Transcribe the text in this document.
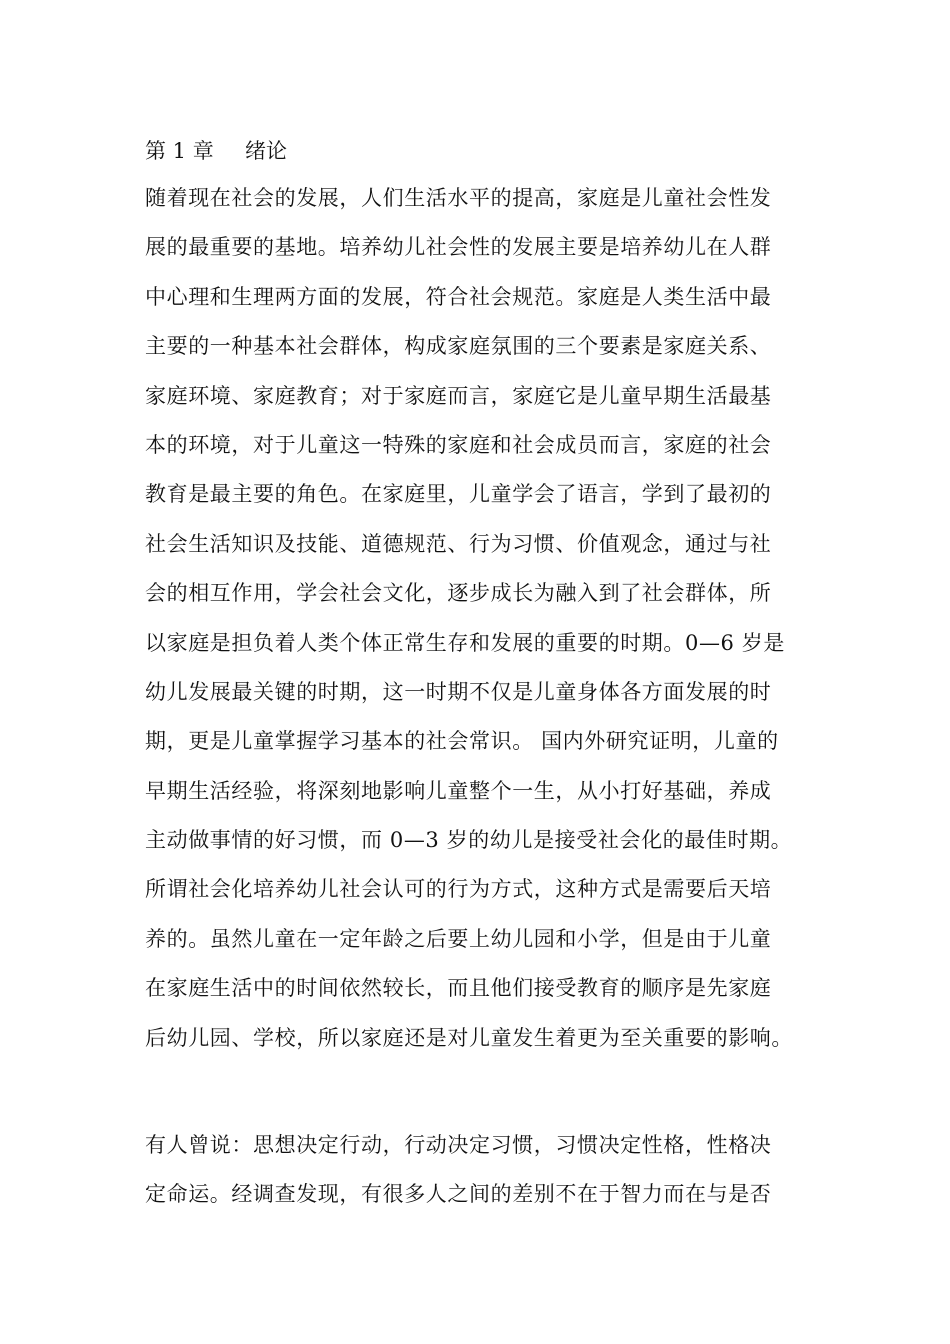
第 1 章 绪论
随着现在社会的发展，人们生活水平的提高，家庭是儿童社会性发
展的最重要的基地。培养幼儿社会性的发展主要是培养幼儿在人群
中心理和生理两方面的发展，符合社会规范。家庭是人类生活中最
主要的一种基本社会群体，构成家庭氛围的三个要素是家庭关系、
家庭环境、家庭教育；对于家庭而言，家庭它是儿童早期生活最基
本的环境，对于儿童这一特殊的家庭和社会成员而言，家庭的社会
教育是最主要的角色。在家庭里，儿童学会了语言，学到了最初的
社会生活知识及技能、道德规范、行为习惯、价值观念，通过与社
会的相互作用，学会社会文化，逐步成长为融入到了社会群体，所
以家庭是担负着人类个体正常生存和发展的重要的时期。0—6 岁是
幼儿发展最关键的时期，这一时期不仅是儿童身体各方面发展的时
期，更是儿童掌握学习基本的社会常识。 国内外研究证明，儿童的
早期生活经验，将深刻地影响儿童整个一生，从小打好基础，养成
主动做事情的好习惯，而 0—3 岁的幼儿是接受社会化的最佳时期。
所谓社会化培养幼儿社会认可的行为方式，这种方式是需要后天培
养的。虽然儿童在一定年龄之后要上幼儿园和小学，但是由于儿童
在家庭生活中的时间依然较长，而且他们接受教育的顺序是先家庭
后幼儿园、学校，所以家庭还是对儿童发生着更为至关重要的影响。
有人曾说：思想决定行动，行动决定习惯，习惯决定性格，性格决
定命运。经调查发现，有很多人之间的差别不在于智力而在与是否
